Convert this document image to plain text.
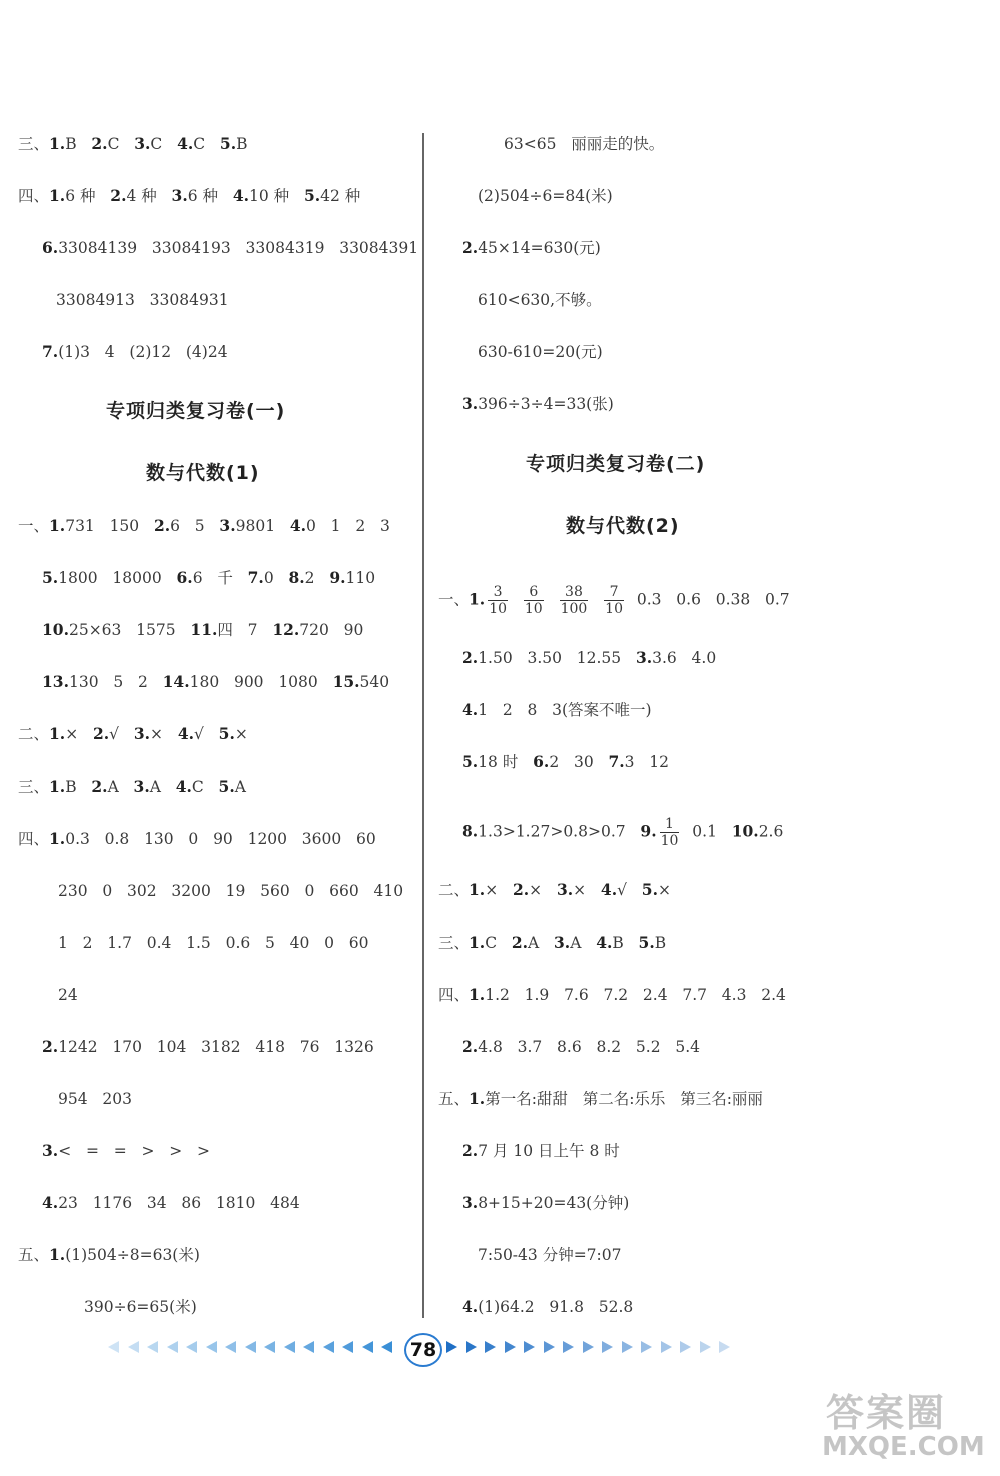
三、1.B 2.C 3.C 4.C 5.B
四、1.6 种 2.4 种 3.6 种 4.10 种 5.42 种
6.33084139   33084193   33084319   33084391
33084913   33084931
7.(1)3   4   (2)12   (4)24
专项归类复习卷(一)
数与代数(1)
一、1.731   150   2.6   5   3.9801   4.0   1   2   3
5.1800   18000   6.6   千   7.0   8.2   9.110
10.25×63   1575   11.四   7   12.720   90
13.130   5   2   14.180   900   1080   15.540
二、1.×   2.√   3.×   4.√   5.×
三、1.B   2.A   3.A   4.C   5.A
四、1.0.3   0.8   130   0   90   1200   3600   60
230   0   302   3200   19   560   0   660   410
1   2   1.7   0.4   1.5   0.6   5   40   0   60
24
2.1242   170   104   3182   418   76   1326
954   203
3.<   =   =   >   >   >
4.23   1176   34   86   1810   484
五、1.(1)504÷8=63(米)
390÷6=65(米)
63<65   丽丽走的快。
(2)504÷6=84(米)
2.45×14=630(元)
610<630,不够。
630-610=20(元)
3.396÷3÷4=33(张)
专项归类复习卷(二)
数与代数(2)
一、1. $\frac{3}{10}$
$\frac{6}{10}$
$\frac{38}{100}$
$\frac{7}{10} 0.3$   0.6   0.38   0.7
2.1.50   3.50   12.55   3.3.6   4.0
4.1   2   8   3(答案不唯一)
5.18 时   6.2   30   7.3   12
8.1.3>1.27>0.8>0.7   9. $\frac{1}{10} 0.1$   10.2.6
二、1.×   2.×   3.×   4.√   5.×
三、1.C   2.A   3.A   4.B   5.B
四、1.1.2   1.9   7.6   7.2   2.4   7.7   4.3   2.4
2.4.8   3.7   8.6   8.2   5.2   5.4
五、1.第一名:甜甜   第二名:乐乐   第三名:丽丽
2.7 月 10 日上午 8 时
3.8+15+20=43(分钟)
7:50-43 分钟=7:07
4.(1)64.2   91.8   52.8
78
答案圈
MXQE.COM
